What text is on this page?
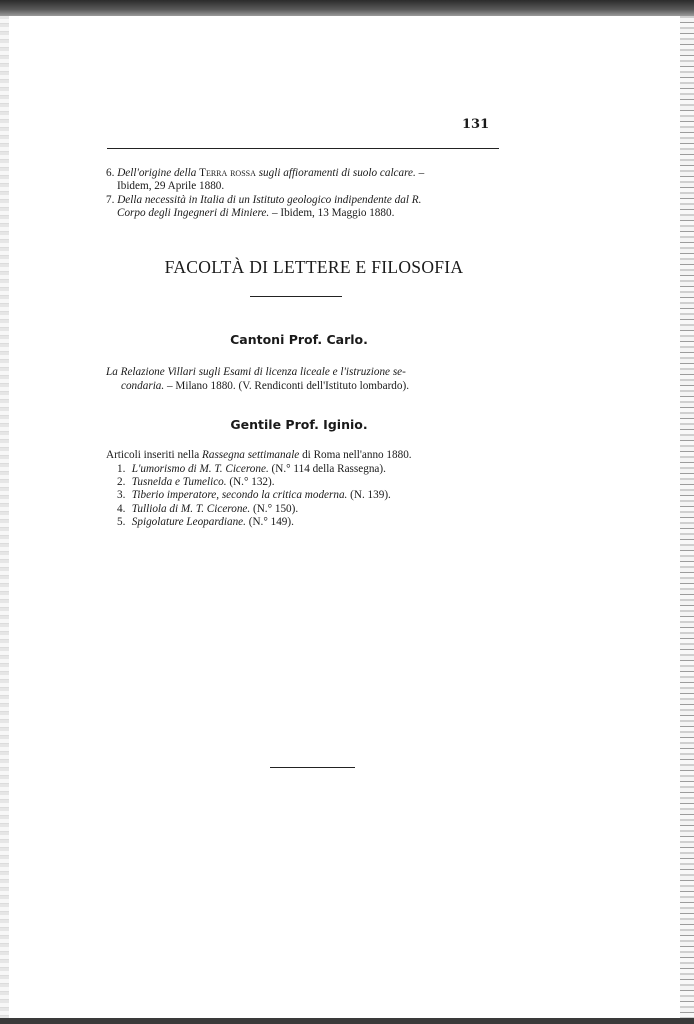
131
6. Dell'origine della Terra rossa sugli affioramenti di suolo calcare. –
Ibidem, 29 Aprile 1880.
7. Della necessità in Italia di un Istituto geologico indipendente dal R.
Corpo degli Ingegneri di Miniere. – Ibidem, 13 Maggio 1880.
FACOLTÀ DI LETTERE E FILOSOFIA
Cantoni Prof. Carlo.
La Relazione Villari sugli Esami di licenza liceale e l'istruzione se-
condaria. – Milano 1880. (V. Rendiconti dell'Istituto lombardo).
Gentile Prof. Iginio.
Articoli inseriti nella Rassegna settimanale di Roma nell'anno 1880.
1. L'umorismo di M. T. Cicerone. (N.° 114 della Rassegna).
2. Tusnelda e Tumelico. (N.° 132).
3. Tiberio imperatore, secondo la critica moderna. (N. 139).
4. Tulliola di M. T. Cicerone. (N.° 150).
5. Spigolature Leopardiane. (N.° 149).
